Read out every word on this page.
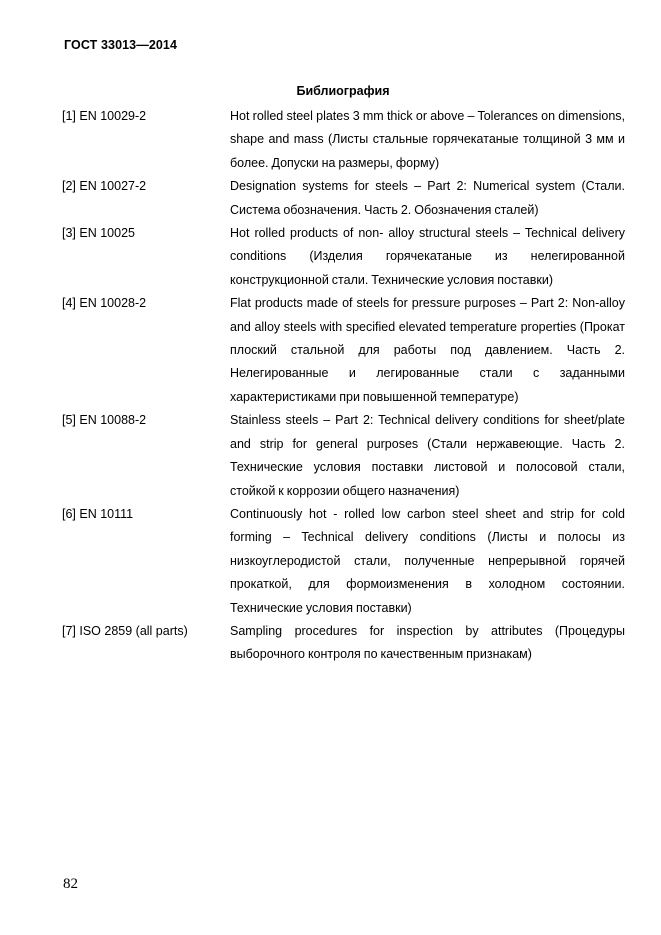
ГОСТ 33013—2014
Библиография
[1] EN 10029-2	Hot rolled steel plates 3 mm thick or above – Tolerances on dimensions, shape and mass (Листы стальные горячекатаные толщиной 3 мм и более. Допуски на размеры, форму)
[2] EN 10027-2	Designation systems for steels – Part 2: Numerical system (Стали. Система обозначения. Часть 2. Обозначения сталей)
[3] EN 10025	Hot rolled products of non- alloy structural steels – Technical delivery conditions (Изделия горячекатаные из нелегированной конструкционной стали. Технические условия поставки)
[4] EN 10028-2	Flat products made of steels for pressure purposes – Part 2: Non-alloy and alloy steels with specified elevated temperature properties (Прокат плоский стальной для работы под давлением. Часть 2. Нелегированные и легированные стали с заданными характеристиками при повышенной температуре)
[5] EN 10088-2	Stainless steels – Part 2: Technical delivery conditions for sheet/plate and strip for general purposes (Стали нержавеющие. Часть 2. Технические условия поставки листовой и полосовой стали, стойкой к коррозии общего назначения)
[6] EN 10111	Continuously hot - rolled low carbon steel sheet and strip for cold forming – Technical delivery conditions (Листы и полосы из низкоуглеродистой стали, полученные непрерывной горячей прокаткой, для формоизменения в холодном состоянии. Технические условия поставки)
[7] ISO 2859 (all parts)	Sampling procedures for inspection by attributes (Процедуры выборочного контроля по качественным признакам)
82
